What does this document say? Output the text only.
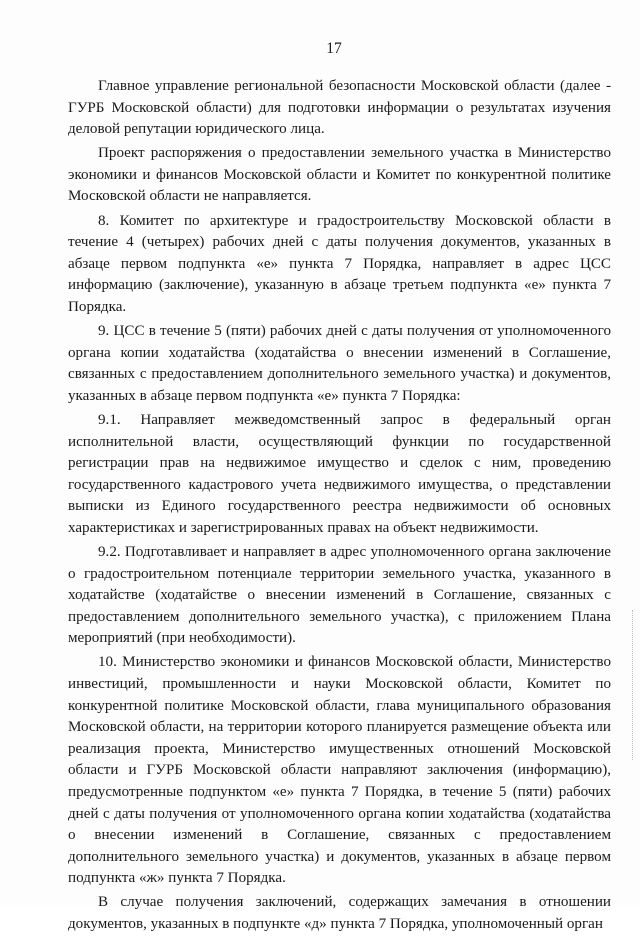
17

Главное управление региональной безопасности Московской области (далее - ГУРБ Московской области) для подготовки информации о результатах изучения деловой репутации юридического лица.

Проект распоряжения о предоставлении земельного участка в Министерство экономики и финансов Московской области и Комитет по конкурентной политике Московской области не направляется.

8. Комитет по архитектуре и градостроительству Московской области в течение 4 (четырех) рабочих дней с даты получения документов, указанных в абзаце первом подпункта «е» пункта 7 Порядка, направляет в адрес ЦСС информацию (заключение), указанную в абзаце третьем подпункта «е» пункта 7 Порядка.

9. ЦСС в течение 5 (пяти) рабочих дней с даты получения от уполномоченного органа копии ходатайства (ходатайства о внесении изменений в Соглашение, связанных с предоставлением дополнительного земельного участка) и документов, указанных в абзаце первом подпункта «е» пункта 7 Порядка:

9.1. Направляет межведомственный запрос в федеральный орган исполнительной власти, осуществляющий функции по государственной регистрации прав на недвижимое имущество и сделок с ним, проведению государственного кадастрового учета недвижимого имущества, о представлении выписки из Единого государственного реестра недвижимости об основных характеристиках и зарегистрированных правах на объект недвижимости.

9.2. Подготавливает и направляет в адрес уполномоченного органа заключение о градостроительном потенциале территории земельного участка, указанного в ходатайстве (ходатайстве о внесении изменений в Соглашение, связанных с предоставлением дополнительного земельного участка), с приложением Плана мероприятий (при необходимости).

10. Министерство экономики и финансов Московской области, Министерство инвестиций, промышленности и науки Московской области, Комитет по конкурентной политике Московской области, глава муниципального образования Московской области, на территории которого планируется размещение объекта или реализация проекта, Министерство имущественных отношений Московской области и ГУРБ Московской области направляют заключения (информацию), предусмотренные подпунктом «е» пункта 7 Порядка, в течение 5 (пяти) рабочих дней с даты получения от уполномоченного органа копии ходатайства (ходатайства о внесении изменений в Соглашение, связанных с предоставлением дополнительного земельного участка) и документов, указанных в абзаце первом подпункта «ж» пункта 7 Порядка.

В случае получения заключений, содержащих замечания в отношении документов, указанных в подпункте «д» пункта 7 Порядка, уполномоченный орган
